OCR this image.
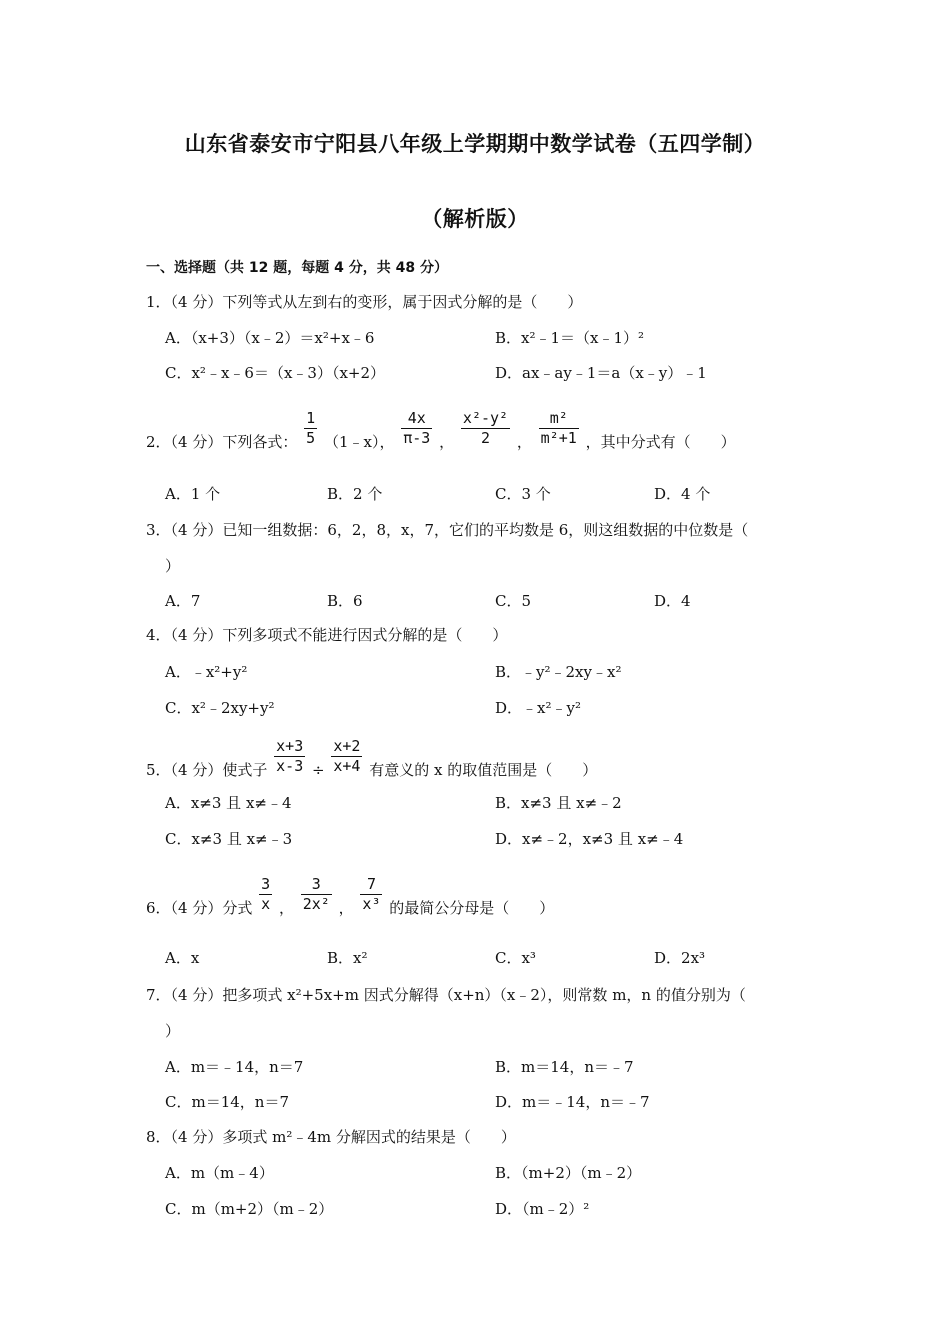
山东省泰安市宁阳县八年级上学期期中数学试卷（五四学制）
（解析版）
一、选择题（共 12 题，每题 4 分，共 48 分）
1．（4 分）下列等式从左到右的变形，属于因式分解的是（　　）
A．（x+3）（x﹣2）＝x²+x﹣6	B．x²﹣1＝（x﹣1）²
C．x²﹣x﹣6＝（x﹣3）（x+2）	D．ax﹣ay﹣1＝a（x﹣y）﹣1
2．（4 分）下列各式： $\frac{1}{5}$ （1﹣x）， $\frac{4x}{\pi-3}$ ， $\frac{\text{x²-y²}}{2}$ ， $\frac{\text{m²}}{\text{m²+1}}$ ，其中分式有（　　）
A．1 个	B．2 个	C．3 个	D．4 个
3．（4 分）已知一组数据：6，2，8，x，7，它们的平均数是 6，则这组数据的中位数是（
）
A．7	B．6	C．5	D．4
4．（4 分）下列多项式不能进行因式分解的是（　　）
A．﹣x²+y²	B．﹣y²﹣2xy﹣x²
C．x²﹣2xy+y²	D．﹣x²﹣y²
5．（4 分）使式子 $\frac{x+3}{x-3} \div \frac{x+2}{x+4}$ 有意义的 x 的取值范围是（　　）
A．x≠3 且 x≠﹣4	B．x≠3 且 x≠﹣2
C．x≠3 且 x≠﹣3	D．x≠﹣2，x≠3 且 x≠﹣4
6．（4 分）分式 $\frac{3}{x}$ ， $\frac{3}{\text{2x²}}$ ， $\frac{7}{\text{x³}}$ 的最简公分母是（　　）
A．x	B．x²	C．x³	D．2x³
7．（4 分）把多项式 x²+5x+m 因式分解得（x+n）（x﹣2），则常数 m，n 的值分别为（
）
A．m＝﹣14，n＝7	B．m＝14，n＝﹣7
C．m＝14，n＝7	D．m＝﹣14，n＝﹣7
8．（4 分）多项式 m²﹣4m 分解因式的结果是（　　）
A．m（m﹣4）	B．（m+2）（m﹣2）
C．m（m+2）（m﹣2）	D．（m﹣2）²
